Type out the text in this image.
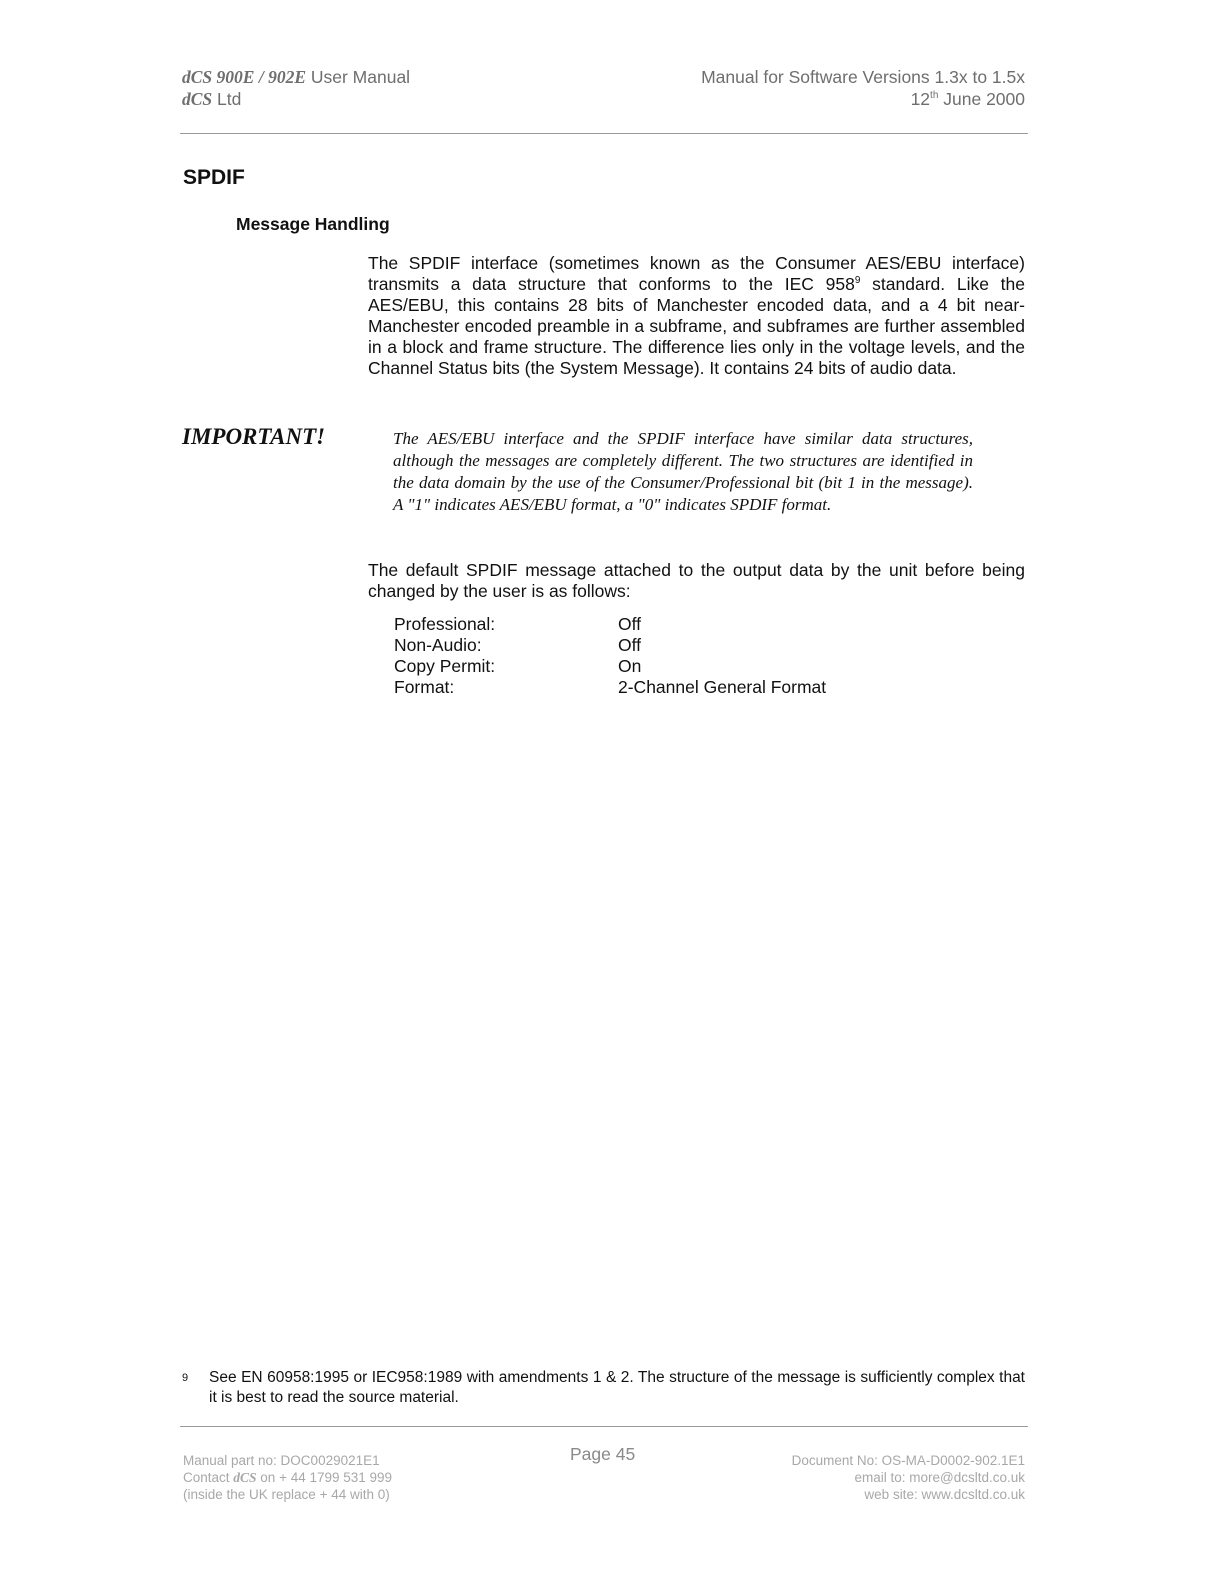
dCS 900E / 902E User Manual
dCS Ltd
Manual for Software Versions 1.3x to 1.5x
12th June 2000
SPDIF
Message Handling
The SPDIF interface (sometimes known as the Consumer AES/EBU interface) transmits a data structure that conforms to the IEC $958^9$ standard. Like the AES/EBU, this contains 28 bits of Manchester encoded data, and a 4 bit near-Manchester encoded preamble in a subframe, and subframes are further assembled in a block and frame structure. The difference lies only in the voltage levels, and the Channel Status bits (the System Message). It contains 24 bits of audio data.
IMPORTANT!	The AES/EBU interface and the SPDIF interface have similar data structures, although the messages are completely different. The two structures are identified in the data domain by the use of the Consumer/Professional bit (bit 1 in the message). A "1" indicates AES/EBU format, a "0" indicates SPDIF format.
The default SPDIF message attached to the output data by the unit before being changed by the user is as follows:
Professional:	Off
Non-Audio:	Off
Copy Permit:	On
Format:	2-Channel General Format
9 See EN 60958:1995 or IEC958:1989 with amendments 1 & 2. The structure of the message is sufficiently complex that it is best to read the source material.
Manual part no: DOC0029021E1
Contact dCS on + 44 1799 531 999
(inside the UK replace + 44 with 0)
Page 45	Document No: OS-MA-D0002-902.1E1
email to: more@dcsltd.co.uk
web site: www.dcsltd.co.uk
